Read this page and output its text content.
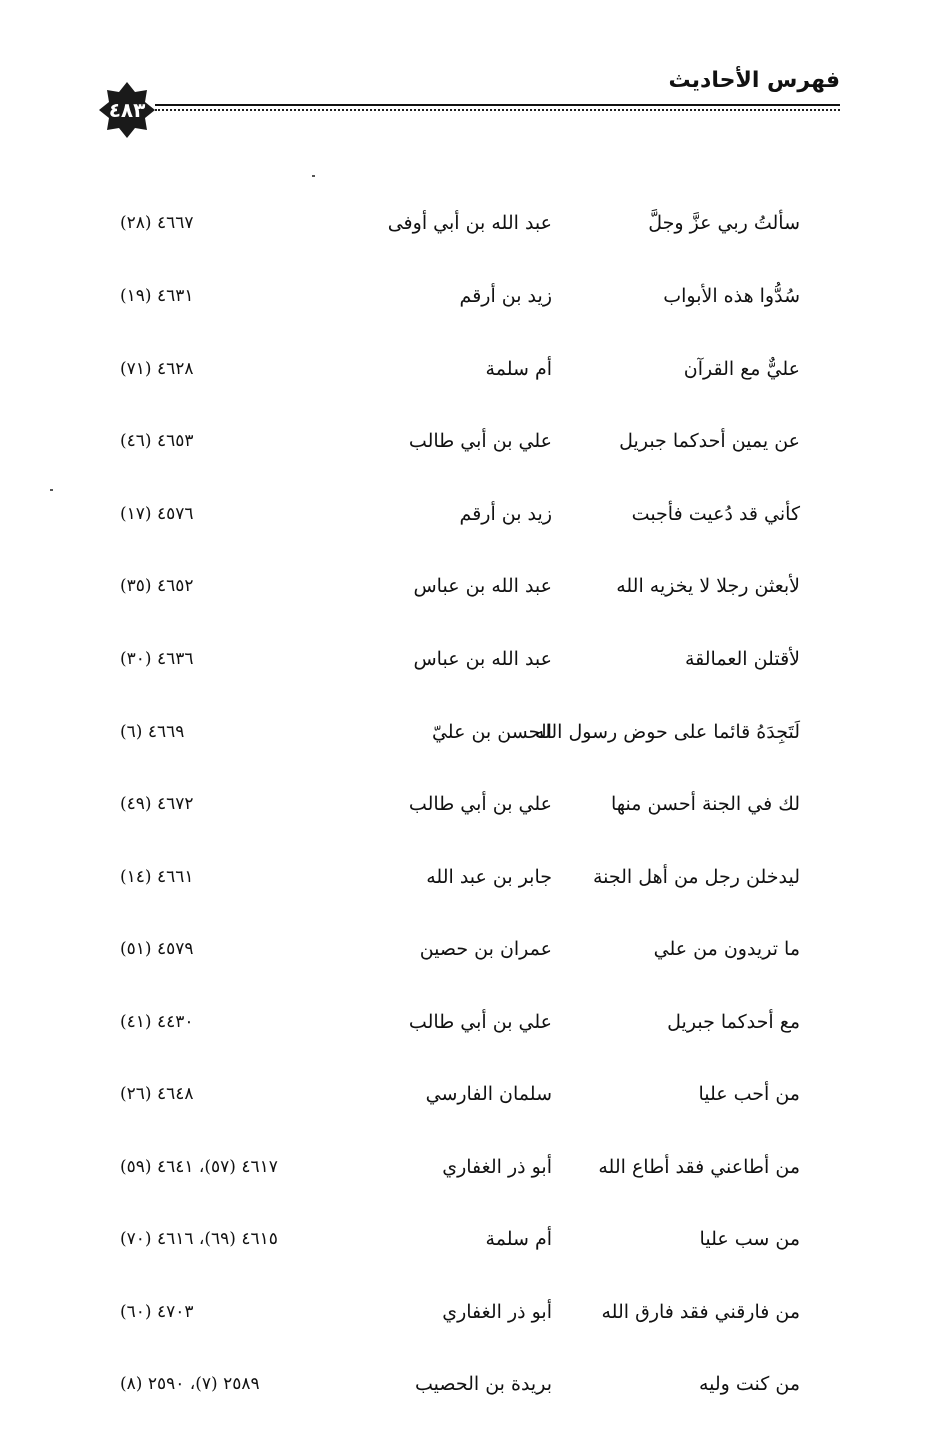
فهرس الأحاديث
٤٨٣
سألتُ ربي عزَّ وجلَّ
عبد الله بن أبي أوفى
٤٦٦٧ (٢٨)
سُدُّوا هذه الأبواب
زيد بن أرقم
٤٦٣١ (١٩)
عليٌّ مع القرآن
أم سلمة
٤٦٢٨ (٧١)
عن يمين أحدكما جبريل
علي بن أبي طالب
٤٦٥٣ (٤٦)
كأني قد دُعيت فأجبت
زيد بن أرقم
٤٥٧٦ (١٧)
لأبعثن رجلا لا يخزيه الله
عبد الله بن عباس
٤٦٥٢ (٣٥)
لأقتلن العمالقة
عبد الله بن عباس
٤٦٣٦ (٣٠)
لَتَجِدَهُ قائما على حوض رسول الله
الحسن بن عليّ
٤٦٦٩ (٦)
لك في الجنة أحسن منها
علي بن أبي طالب
٤٦٧٢ (٤٩)
ليدخلن رجل من أهل الجنة
جابر بن عبد الله
٤٦٦١ (١٤)
ما تريدون من علي
عمران بن حصين
٤٥٧٩ (٥١)
مع أحدكما جبريل
علي بن أبي طالب
٤٤٣٠ (٤١)
من أحب عليا
سلمان الفارسي
٤٦٤٨ (٢٦)
من أطاعني فقد أطاع الله
أبو ذر الغفاري
٤٦١٧ (٥٧)، ٤٦٤١ (٥٩)
من سب عليا
أم سلمة
٤٦١٥ (٦٩)، ٤٦١٦ (٧٠)
من فارقني فقد فارق الله
أبو ذر الغفاري
٤٧٠٣ (٦٠)
من كنت وليه
بريدة بن الحصيب
٢٥٨٩ (٧)، ٢٥٩٠ (٨)
